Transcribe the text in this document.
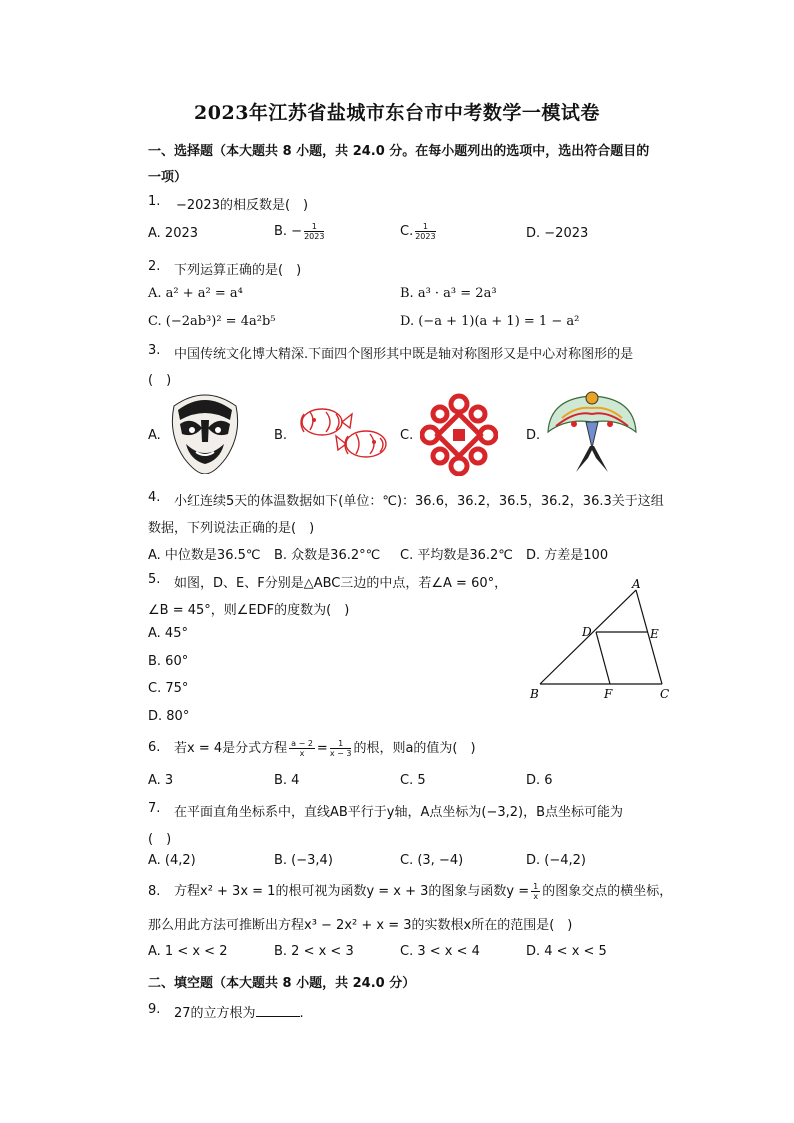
2023年江苏省盐城市东台市中考数学一模试卷
一、选择题（本大题共 8 小题，共 24.0 分。在每小题列出的选项中，选出符合题目的
一项）
1. −2023的相反数是(　)
A. 2023	B. − $\frac{1}{2023}$	C. $\frac{1}{2023}$	D. −2023
2. 下列运算正确的是(　)
A. a² + a² = a⁴	B. a³ · a³ = 2a³
C. (−2ab³)² = 4a²b⁵	D. (−a + 1)(a + 1) = 1 − a²
3. 中国传统文化博大精深.下面四个图形其中既是轴对称图形又是中心对称图形的是
(　)
A.	B.	C.	D.
4. 小红连续5天的体温数据如下(单位：℃)：36.6，36.2，36.5，36.2，36.3关于这组
数据，下列说法正确的是(　)
A. 中位数是36.5℃ B. 众数是36.2°℃ C. 平均数是36.2℃ D. 方差是100
5. 如图，D、E、F分别是△ABC三边的中点，若∠A = 60°，
∠B = 45°，则∠EDF的度数为(　)
A. 45°
B. 60°
C. 75°
D. 80°
A
B	C
D	E
F
6. 若x = 4是分式方程 $\frac{a - 2}{x} = \frac{1}{x - 3}$ 的根，则a的值为(　)
A. 3	B. 4	C. 5	D. 6
7. 在平面直角坐标系中，直线AB平行于y轴，A点坐标为(−3,2)，B点坐标可能为
(　)
A. (4,2)	B. (−3,4)	C. (3, −4)	D. (−4,2)
8. 方程x² + 3x = 1的根可视为函数y = x + 3的图象与函数$y = \frac{1}{x}$ 的图象交点的横坐标，
那么用此方法可推断出方程x³ − 2x² + x = 3的实数根x所在的范围是(　)
A. 1 < x < 2	B. 2 < x < 3	C. 3 < x < 4	D. 4 < x < 5
二、填空题（本大题共 8 小题，共 24.0 分）
9. 27的立方根为	.
